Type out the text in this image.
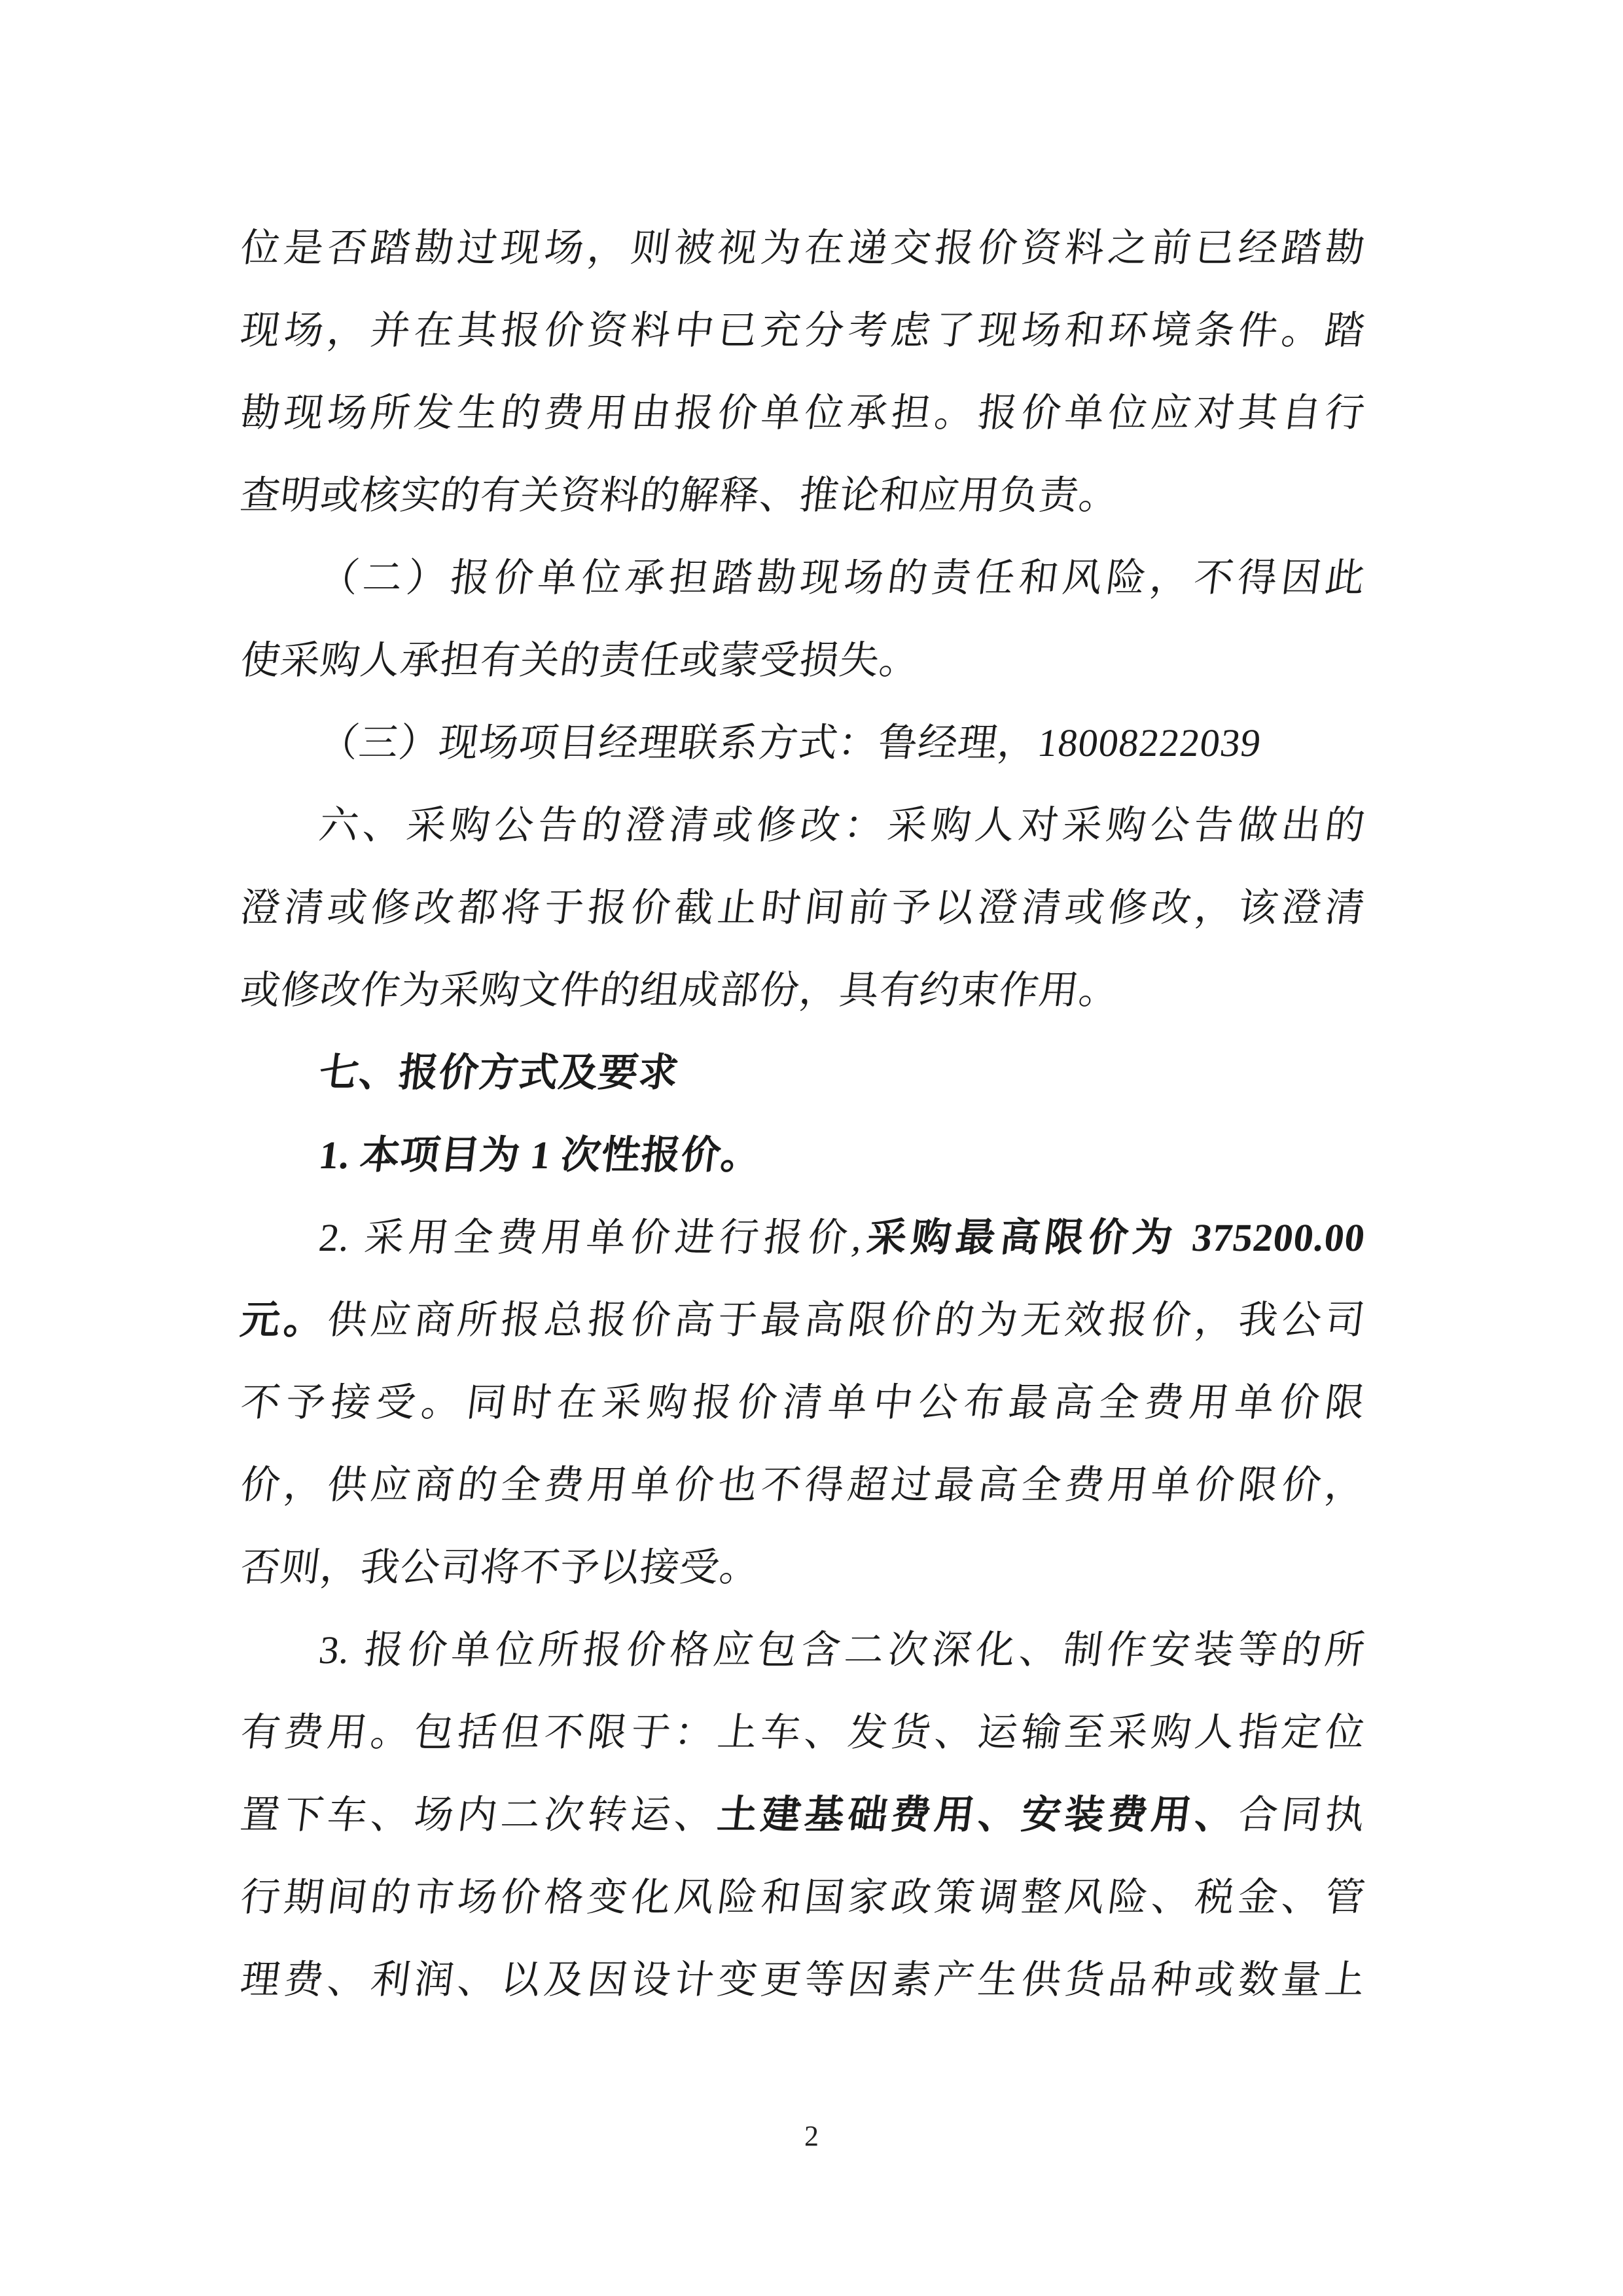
位是否踏勘过现场，则被视为在递交报价资料之前已经踏勘
现场，并在其报价资料中已充分考虑了现场和环境条件。踏
勘现场所发生的费用由报价单位承担。报价单位应对其自行
查明或核实的有关资料的解释、推论和应用负责。
（二）报价单位承担踏勘现场的责任和风险，不得因此
使采购人承担有关的责任或蒙受损失。
（三）现场项目经理联系方式：鲁经理，18008222039
六、采购公告的澄清或修改：采购人对采购公告做出的
澄清或修改都将于报价截止时间前予以澄清或修改，该澄清
或修改作为采购文件的组成部份，具有约束作用。
七、报价方式及要求
1. 本项目为 1 次性报价。
2. 采用全费用单价进行报价,采购最高限价为 375200.00
元。供应商所报总报价高于最高限价的为无效报价，我公司
不予接受。同时在采购报价清单中公布最高全费用单价限
价，供应商的全费用单价也不得超过最高全费用单价限价，
否则，我公司将不予以接受。
3. 报价单位所报价格应包含二次深化、制作安装等的所
有费用。包括但不限于：上车、发货、运输至采购人指定位
置下车、场内二次转运、土建基础费用、安装费用、合同执
行期间的市场价格变化风险和国家政策调整风险、税金、管
理费、利润、以及因设计变更等因素产生供货品种或数量上
2
